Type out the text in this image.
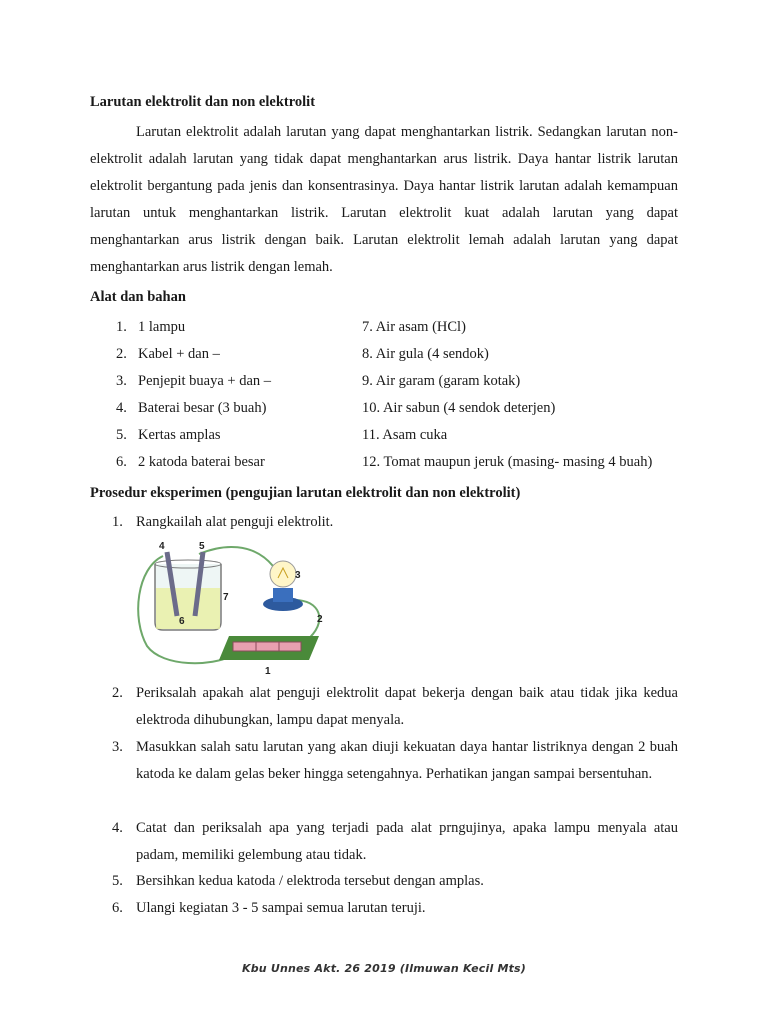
Larutan elektrolit dan non elektrolit

Larutan elektrolit adalah larutan yang dapat menghantarkan listrik. Sedangkan larutan non-elektrolit adalah larutan yang tidak dapat menghantarkan arus listrik. Daya hantar listrik larutan elektrolit bergantung pada jenis dan konsentrasinya. Daya hantar listrik larutan adalah kemampuan larutan untuk menghantarkan listrik. Larutan elektrolit kuat adalah larutan yang dapat menghantarkan arus listrik dengan baik. Larutan elektrolit lemah adalah larutan yang dapat menghantarkan arus listrik dengan lemah.

Alat dan bahan
1. 1 lampu	7. Air asam (HCl)
2. Kabel + dan –	8. Air gula (4 sendok)
3. Penjepit buaya + dan –	9. Air garam (garam kotak)
4. Baterai besar (3 buah)	10. Air sabun (4 sendok deterjen)
5. Kertas amplas	11. Asam cuka
6. 2 katoda baterai besar	12. Tomat maupun jeruk (masing- masing 4 buah)
Prosedur eksperimen (pengujian larutan elektrolit dan non elektrolit)
1. Rangkailah alat penguji elektrolit.
2. Periksalah apakah alat penguji elektrolit dapat bekerja dengan baik atau tidak jika kedua elektroda dihubungkan, lampu dapat menyala.
3. Masukkan salah satu larutan yang akan diuji kekuatan daya hantar listriknya dengan 2 buah katoda ke dalam gelas beker hingga setengahnya. Perhatikan jangan sampai bersentuhan.
4. Catat dan periksalah apa yang terjadi pada alat prngujinya, apaka lampu menyala atau padam, memiliki gelembung atau tidak.
5. Bersihkan kedua katoda / elektroda tersebut dengan amplas.
6. Ulangi kegiatan 3 - 5 sampai semua larutan teruji.
4	5
3
7
6	2
1
Kbu Unnes Akt. 26 2019 (Ilmuwan Kecil Mts)
